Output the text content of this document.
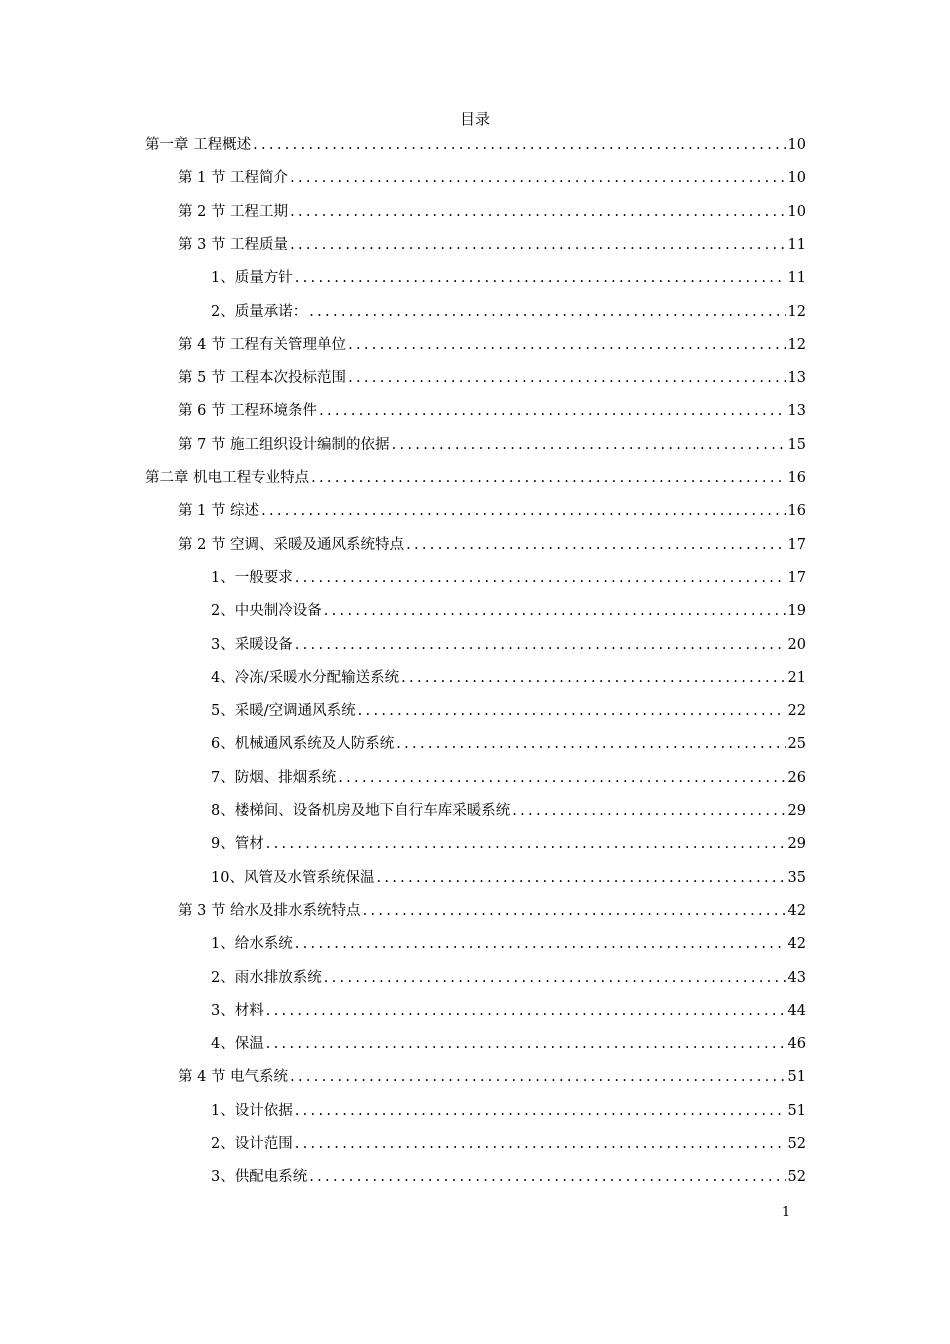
目录
第一章 工程概述 .....	10
第 1 节 工程简介 .....	10
第 2 节 工程工期 .....	10
第 3 节 工程质量 .....	11
1、 质量方针 .....	11
2、 质量承诺： .....	12
第 4 节 工程有关管理单位 .....	12
第 5 节 工程本次投标范围 .....	13
第 6 节 工程环境条件 .....	13
第 7 节 施工组织设计编制的依据 .....	15
第二章 机电工程专业特点 .....	16
第 1 节 综述 .....	16
第 2 节 空调、采暖及通风系统特点 .....	17
1、 一般要求 .....	17
2、 中央制冷设备 .....	19
3、 采暖设备 .....	20
4、 冷冻/采暖水分配输送系统 .....	21
5、 采暖/空调通风系统 .....	22
6、 机械通风系统及人防系统 .....	25
7、 防烟、排烟系统 .....	26
8、 楼梯间、设备机房及地下自行车库采暖系统 .....	29
9、 管材 .....	29
10、 风管及水管系统保温 .....	35
第 3 节 给水及排水系统特点 .....	42
1、 给水系统 .....	42
2、 雨水排放系统 .....	43
3、 材料 .....	44
4、 保温 .....	46
第 4 节 电气系统 .....	51
1、 设计依据 .....	51
2、 设计范围 .....	52
3、 供配电系统 .....	52
1
